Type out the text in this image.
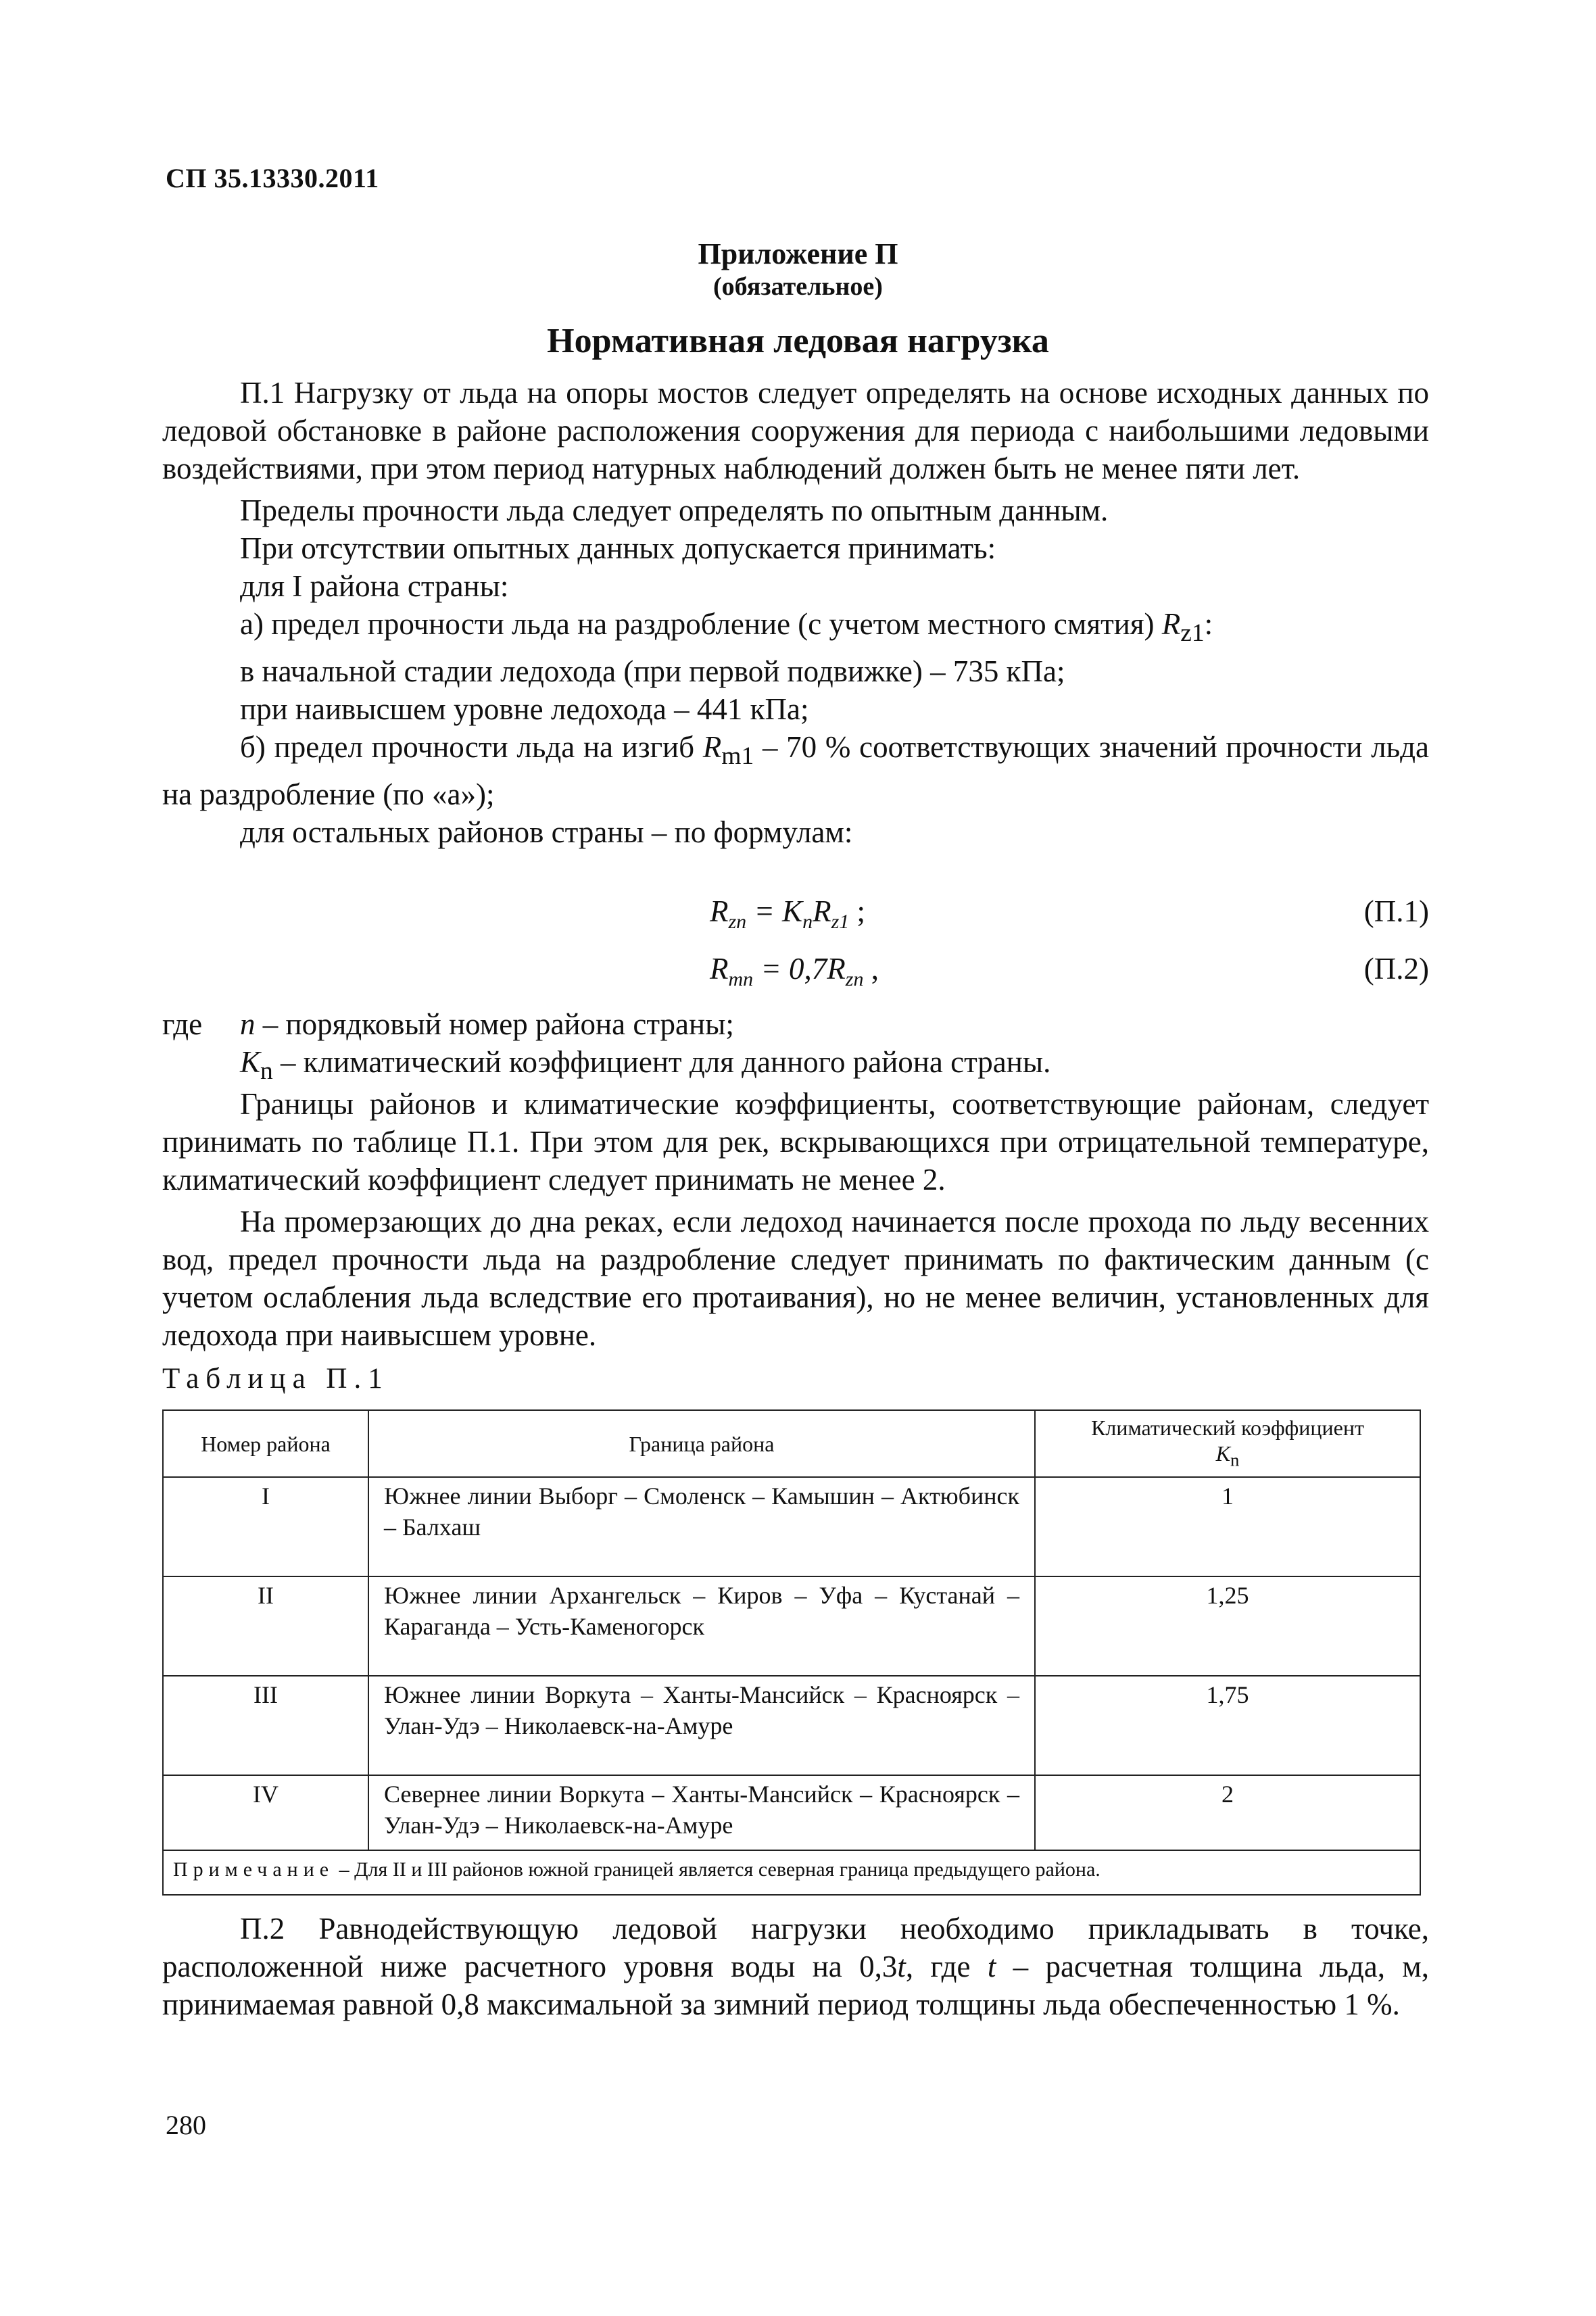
СП 35.13330.2011
Приложение П
(обязательное)
Нормативная ледовая нагрузка

П.1 Нагрузку от льда на опоры мостов следует определять на основе исходных данных по ледовой обстановке в районе расположения сооружения для периода с наибольшими ледовыми воздействиями, при этом период натурных наблюдений должен быть не менее пяти лет.

Пределы прочности льда следует определять по опытным данным.

При отсутствии опытных данных допускается принимать:

для I района страны:

а) предел прочности льда на раздробление (с учетом местного смятия) $R_{z1}$:

в начальной стадии ледохода (при первой подвижке) – 735 кПа;

при наивысшем уровне ледохода – 441 кПа;

б) предел прочности льда на изгиб $R_{m1} - 70$ % соответствующих значений прочности льда на раздробление (по «а»);

для остальных районов страны – по формулам:

$R_{zn} = K_nR_{z1}$ ;	(П.1)
$R_{mn} = 0,7R_{zn}$ ,	(П.2)

где n – порядковый номер района страны;

$K_n$ – климатический коэффициент для данного района страны.

Границы районов и климатические коэффициенты, соответствующие районам, следует принимать по таблице П.1. При этом для рек, вскрывающихся при отрицательной температуре, климатический коэффициент следует принимать не менее 2.

На промерзающих до дна реках, если ледоход начинается после прохода по льду весенних вод, предел прочности льда на раздробление следует принимать по фактическим данным (с учетом ослабления льда вследствие его протаивания), но не менее величин, установленных для ледохода при наивысшем уровне.

Таблица П.1
Номер района	Граница района	Климатический коэффициент
$K_n$
I	Южнее линии Выборг – Смоленск – Камышин – Актюбинск – Балхаш	1
II	Южнее линии Архангельск – Киров – Уфа – Кустанай – Караганда – Усть-Каменогорск	1,25
III	Южнее линии Воркута – Ханты-Мансийск – Красноярск – Улан-Удэ – Николаевск-на-Амуре	1,75
IV	Севернее линии Воркута – Ханты-Мансийск – Красноярск – Улан-Удэ – Николаевск-на-Амуре	2
Примечание – Для II и III районов южной границей является северная граница предыдущего района.		

П.2 Равнодействующую ледовой нагрузки необходимо прикладывать в точке, расположенной ниже расчетного уровня воды на 0,3t, где t – расчетная толщина льда, м, принимаемая равной 0,8 максимальной за зимний период толщины льда обеспеченностью 1 %.

280
